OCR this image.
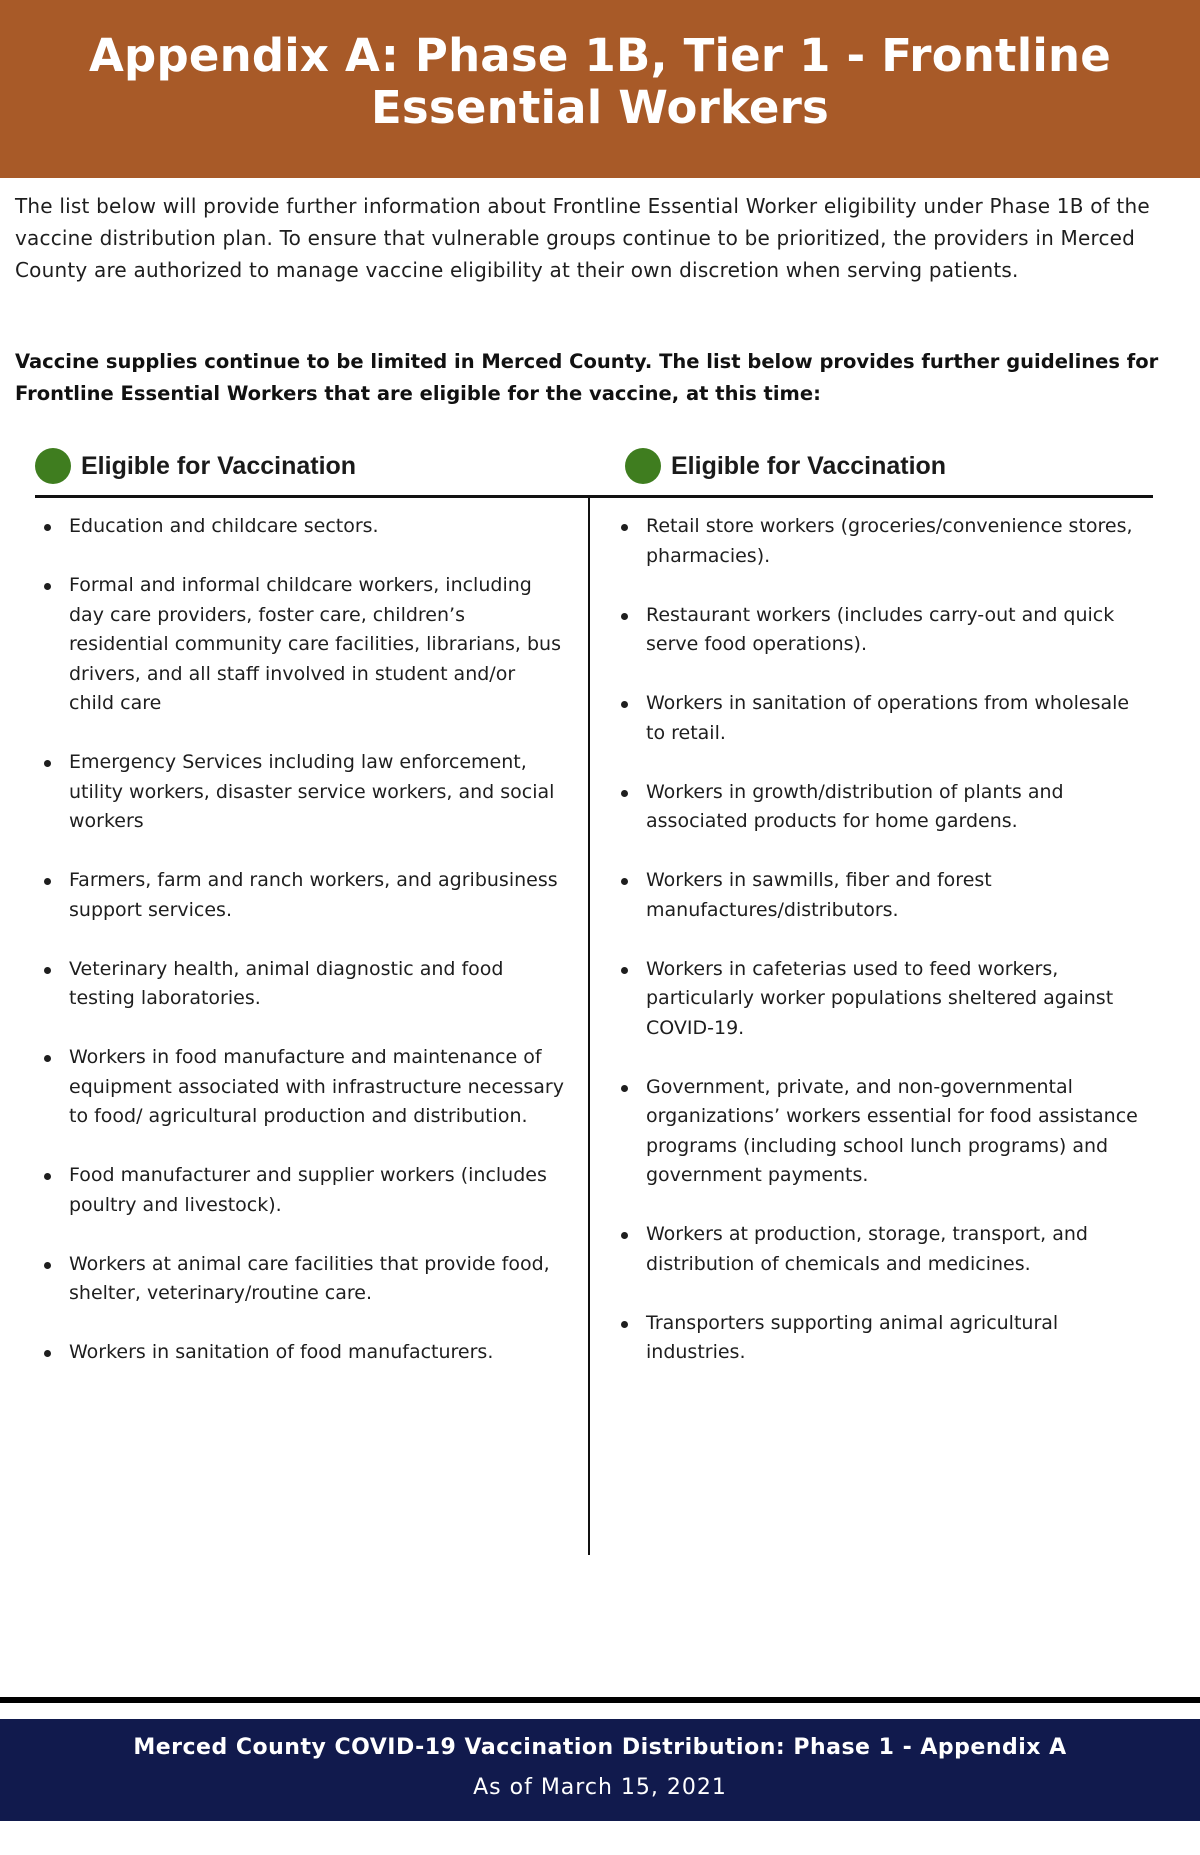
Appendix A: Phase 1B, Tier 1 - Frontline Essential Workers
The list below will provide further information about Frontline Essential Worker eligibility under Phase 1B of the vaccine distribution plan. To ensure that vulnerable groups continue to be prioritized, the providers in Merced County are authorized to manage vaccine eligibility at their own discretion when serving patients.
Vaccine supplies continue to be limited in Merced County. The list below provides further guidelines for Frontline Essential Workers that are eligible for the vaccine, at this time:
Eligible for Vaccination	Eligible for Vaccination
Education and childcare sectors.
Formal and informal childcare workers, including day care providers, foster care, children’s residential community care facilities, librarians, bus drivers, and all staff involved in student and/or child care
Emergency Services including law enforcement, utility workers, disaster service workers, and social workers
Farmers, farm and ranch workers, and agribusiness support services.
Veterinary health, animal diagnostic and food testing laboratories.
Workers in food manufacture and maintenance of equipment associated with infrastructure necessary to food/ agricultural production and distribution.
Food manufacturer and supplier workers (includes poultry and livestock).
Workers at animal care facilities that provide food, shelter, veterinary/routine care.
Workers in sanitation of food manufacturers.
Retail store workers (groceries/convenience stores, pharmacies).
Restaurant workers (includes carry-out and quick serve food operations).
Workers in sanitation of operations from wholesale to retail.
Workers in growth/distribution of plants and associated products for home gardens.
Workers in sawmills, fiber and forest manufactures/distributors.
Workers in cafeterias used to feed workers, particularly worker populations sheltered against COVID-19.
Government, private, and non-governmental organizations’ workers essential for food assistance programs (including school lunch programs) and government payments.
Workers at production, storage, transport, and distribution of chemicals and medicines.
Transporters supporting animal agricultural industries.
Merced County COVID-19 Vaccination Distribution: Phase 1 - Appendix A
As of March 15, 2021
